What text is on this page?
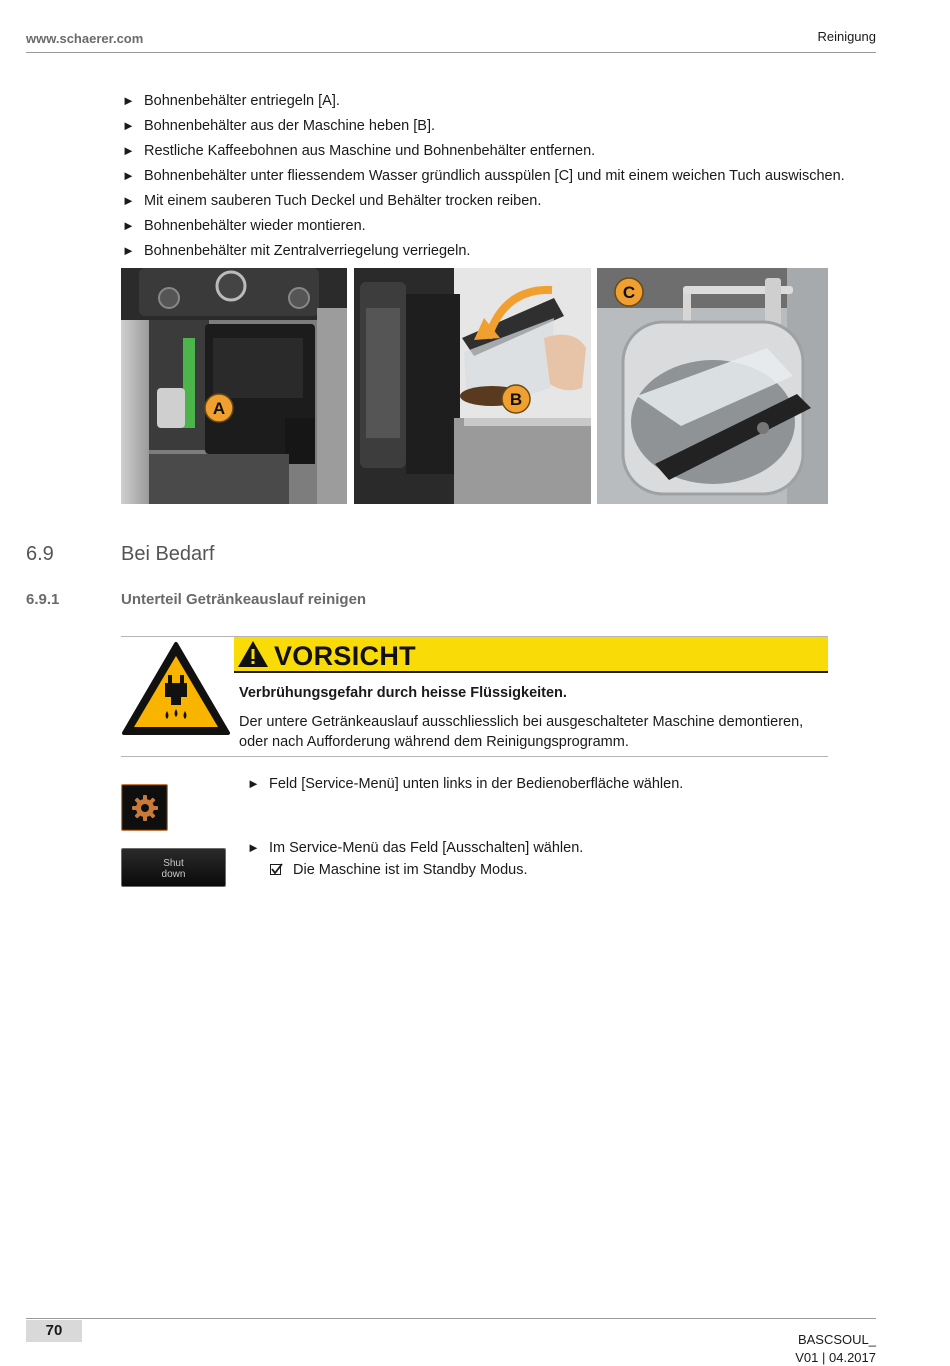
www.schaerer.com	Reinigung
► Bohnenbehälter entriegeln [A].
► Bohnenbehälter aus der Maschine heben [B].
► Restliche Kaffeebohnen aus Maschine und Bohnenbehälter entfernen.
► Bohnenbehälter unter fliessendem Wasser gründlich ausspülen [C] und mit einem weichen Tuch auswischen.
► Mit einem sauberen Tuch Deckel und Behälter trocken reiben.
► Bohnenbehälter wieder montieren.
► Bohnenbehälter mit Zentralverriegelung verriegeln.
A	B
C
6.9	Bei Bedarf
6.9.1	Unterteil Getränkeauslauf reinigen
VORSICHT
Verbrühungsgefahr durch heisse Flüssigkeiten.
Der untere Getränkeauslauf ausschliesslich bei ausgeschalteter Maschine demontieren,
oder nach Aufforderung während dem Reinigungsprogramm.
► Feld [Service-Menü] unten links in der Bedienoberfläche wählen.
Shut
down
► Im Service-Menü das Feld [Ausschalten] wählen.
Die Maschine ist im Standby Modus.
70
BASCSOUL_
V01 | 04.2017
